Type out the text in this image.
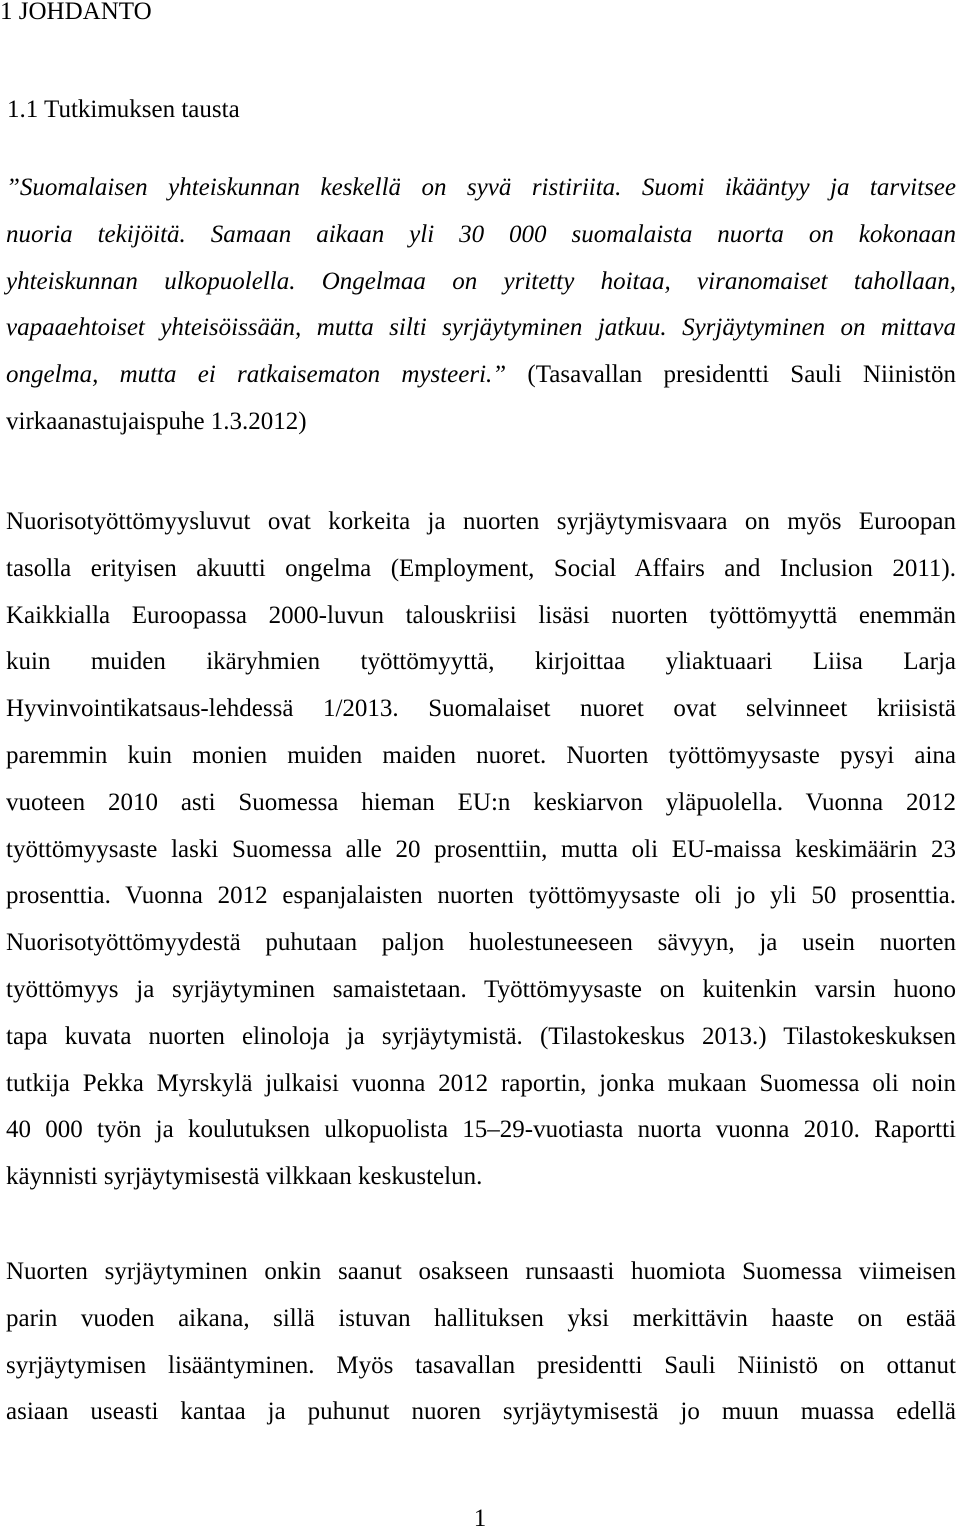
1 JOHDANTO
1.1 Tutkimuksen tausta
”Suomalaisen yhteiskunnan keskellä on syvä ristiriita. Suomi ikääntyy ja tarvitsee
nuoria tekijöitä. Samaan aikaan yli 30 000 suomalaista nuorta on kokonaan
yhteiskunnan ulkopuolella. Ongelmaa on yritetty hoitaa, viranomaiset tahollaan,
vapaaehtoiset yhteisöissään, mutta silti syrjäytyminen jatkuu. Syrjäytyminen on mittava
ongelma, mutta ei ratkaisematon mysteeri.” (Tasavallan presidentti Sauli Niinistön
virkaanastujaispuhe 1.3.2012)
Nuorisotyöttömyysluvut ovat korkeita ja nuorten syrjäytymisvaara on myös Euroopan
tasolla erityisen akuutti ongelma (Employment, Social Affairs and Inclusion 2011).
Kaikkialla Euroopassa 2000-luvun talouskriisi lisäsi nuorten työttömyyttä enemmän
kuin muiden ikäryhmien työttömyyttä, kirjoittaa yliaktuaari Liisa Larja
Hyvinvointikatsaus-lehdessä 1/2013. Suomalaiset nuoret ovat selvinneet kriisistä
paremmin kuin monien muiden maiden nuoret. Nuorten työttömyysaste pysyi aina
vuoteen 2010 asti Suomessa hieman EU:n keskiarvon yläpuolella. Vuonna 2012
työttömyysaste laski Suomessa alle 20 prosenttiin, mutta oli EU-maissa keskimäärin 23
prosenttia. Vuonna 2012 espanjalaisten nuorten työttömyysaste oli jo yli 50 prosenttia.
Nuorisotyöttömyydestä puhutaan paljon huolestuneeseen sävyyn, ja usein nuorten
työttömyys ja syrjäytyminen samaistetaan. Työttömyysaste on kuitenkin varsin huono
tapa kuvata nuorten elinoloja ja syrjäytymistä. (Tilastokeskus 2013.) Tilastokeskuksen
tutkija Pekka Myrskylä julkaisi vuonna 2012 raportin, jonka mukaan Suomessa oli noin
40 000 työn ja koulutuksen ulkopuolista 15–29-vuotiasta nuorta vuonna 2010. Raportti
käynnisti syrjäytymisestä vilkkaan keskustelun.
Nuorten syrjäytyminen onkin saanut osakseen runsaasti huomiota Suomessa viimeisen
parin vuoden aikana, sillä istuvan hallituksen yksi merkittävin haaste on estää
syrjäytymisen lisääntyminen. Myös tasavallan presidentti Sauli Niinistö on ottanut
asiaan useasti kantaa ja puhunut nuoren syrjäytymisestä jo muun muassa edellä
1
